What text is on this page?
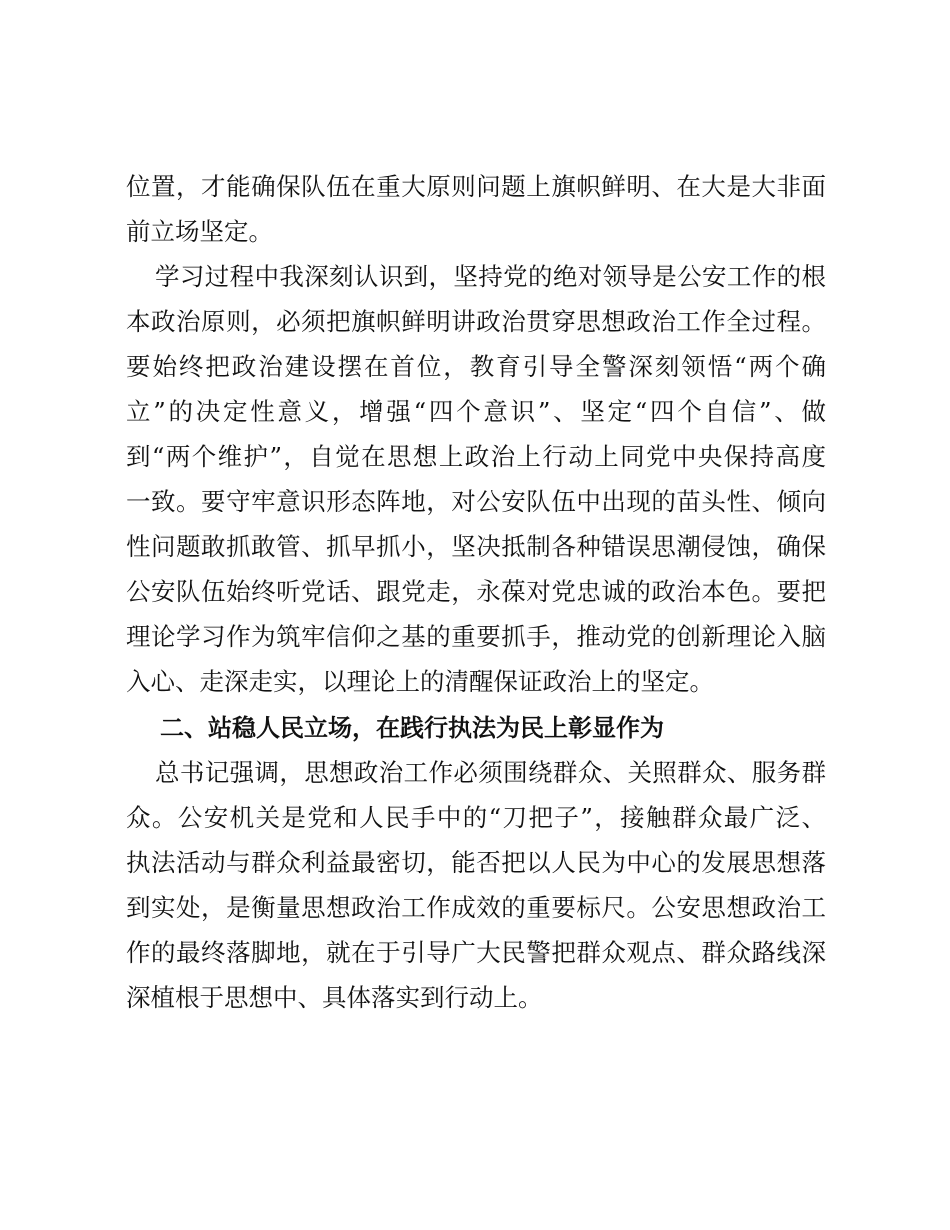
位置，才能确保队伍在重大原则问题上旗帜鲜明、在大是大非面
前立场坚定。
学习过程中我深刻认识到，坚持党的绝对领导是公安工作的根
本政治原则，必须把旗帜鲜明讲政治贯穿思想政治工作全过程。
要始终把政治建设摆在首位，教育引导全警深刻领悟“两个确
立”的决定性意义，增强“四个意识”、坚定“四个自信”、做
到“两个维护”，自觉在思想上政治上行动上同党中央保持高度
一致。要守牢意识形态阵地，对公安队伍中出现的苗头性、倾向
性问题敢抓敢管、抓早抓小，坚决抵制各种错误思潮侵蚀，确保
公安队伍始终听党话、跟党走，永葆对党忠诚的政治本色。要把
理论学习作为筑牢信仰之基的重要抓手，推动党的创新理论入脑
入心、走深走实，以理论上的清醒保证政治上的坚定。
二、站稳人民立场，在践行执法为民上彰显作为
总书记强调，思想政治工作必须围绕群众、关照群众、服务群
众。公安机关是党和人民手中的“刀把子”，接触群众最广泛、
执法活动与群众利益最密切，能否把以人民为中心的发展思想落
到实处，是衡量思想政治工作成效的重要标尺。公安思想政治工
作的最终落脚地，就在于引导广大民警把群众观点、群众路线深
深植根于思想中、具体落实到行动上。
